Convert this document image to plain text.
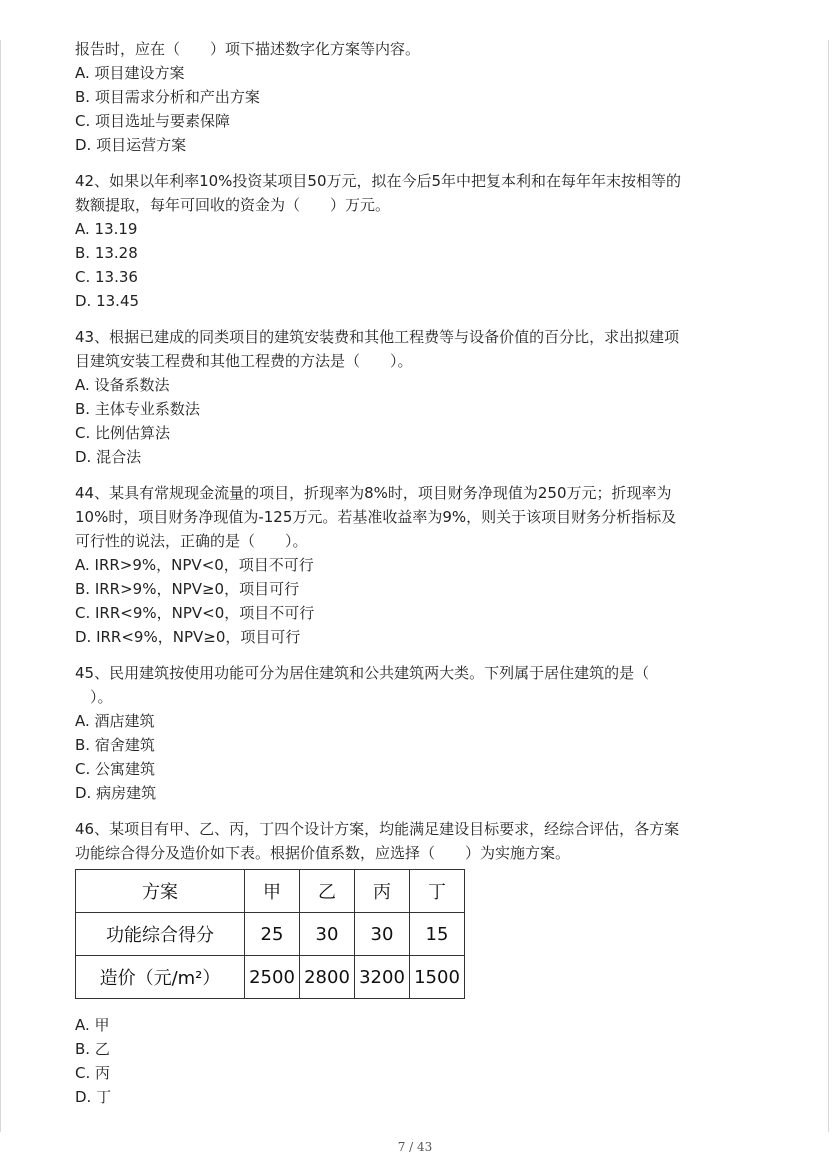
报告时，应在（　　）项下描述数字化方案等内容。
A. 项目建设方案
B. 项目需求分析和产出方案
C. 项目选址与要素保障
D. 项目运营方案
42、如果以年利率10%投资某项目50万元，拟在今后5年中把复本利和在每年年末按相等的
数额提取，每年可回收的资金为（　　）万元。
A. 13.19
B. 13.28
C. 13.36
D. 13.45
43、根据已建成的同类项目的建筑安装费和其他工程费等与设备价值的百分比，求出拟建项
目建筑安装工程费和其他工程费的方法是（　　）。
A. 设备系数法
B. 主体专业系数法
C. 比例估算法
D. 混合法
44、某具有常规现金流量的项目，折现率为8%时，项目财务净现值为250万元；折现率为
10%时，项目财务净现值为-125万元。若基准收益率为9%，则关于该项目财务分析指标及
可行性的说法，正确的是（　　）。
A. IRR>9%，NPV<0，项目不可行
B. IRR>9%，NPV≥0，项目可行
C. IRR<9%，NPV<0，项目不可行
D. IRR<9%，NPV≥0，项目可行
45、民用建筑按使用功能可分为居住建筑和公共建筑两大类。下列属于居住建筑的是（
　）。
A. 酒店建筑
B. 宿舍建筑
C. 公寓建筑
D. 病房建筑
46、某项目有甲、乙、丙，丁四个设计方案，均能满足建设目标要求，经综合评估，各方案
功能综合得分及造价如下表。根据价值系数，应选择（　　）为实施方案。
方案	甲	乙	丙	丁
功能综合得分	25	30	30	15
造价（元/m²）	2500	2800	3200	1500
A. 甲
B. 乙
C. 丙
D. 丁
7 / 43
